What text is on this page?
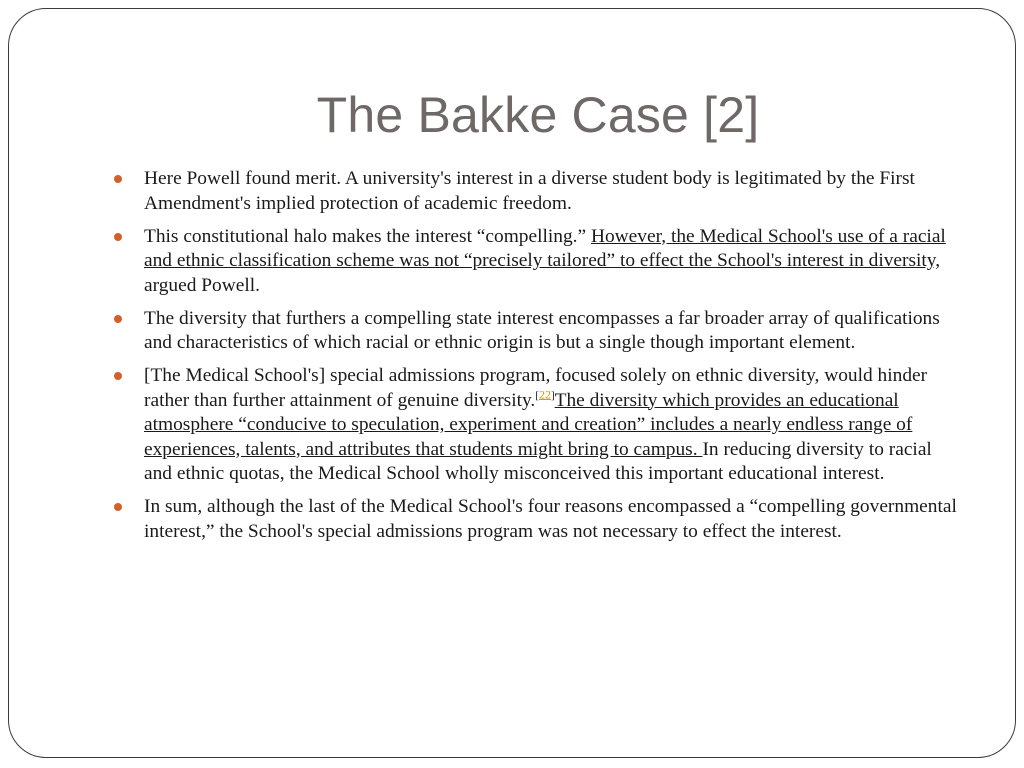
The Bakke Case [2]
Here Powell found merit. A university's interest in a diverse student body is legitimated by the First Amendment's implied protection of academic freedom.
This constitutional halo makes the interest “compelling.” However, the Medical School's use of a racial and ethnic classification scheme was not “precisely tailored” to effect the School's interest in diversity, argued Powell.
The diversity that furthers a compelling state interest encompasses a far broader array of qualifications and characteristics of which racial or ethnic origin is but a single though important element.
[The Medical School's] special admissions program, focused solely on ethnic diversity, would hinder rather than further attainment of genuine diversity.[22]The diversity which provides an educational atmosphere “conducive to speculation, experiment and creation” includes a nearly endless range of experiences, talents, and attributes that students might bring to campus. In reducing diversity to racial and ethnic quotas, the Medical School wholly misconceived this important educational interest.
In sum, although the last of the Medical School's four reasons encompassed a “compelling governmental interest,” the School's special admissions program was not necessary to effect the interest.
